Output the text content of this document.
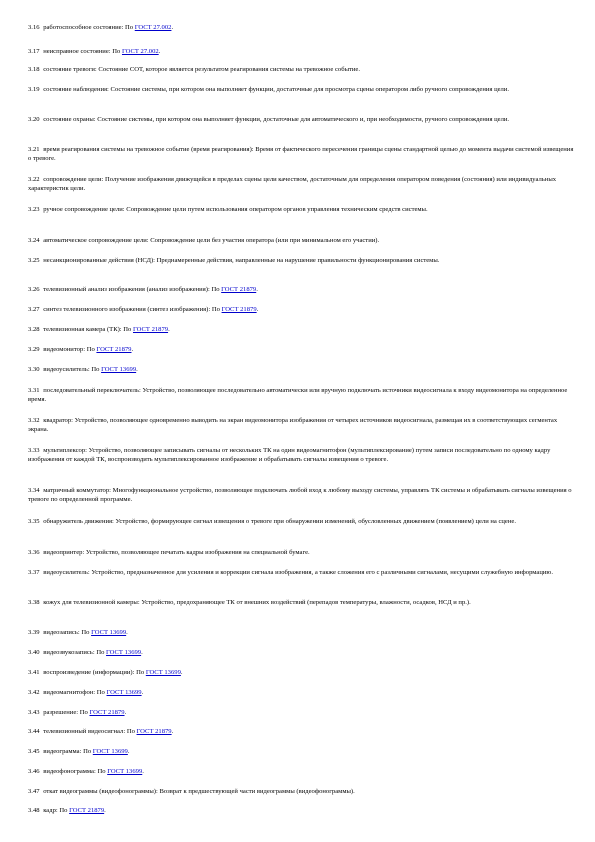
3.16 работоспособное состояние: По ГОСТ 27.002.

3.17 неисправное состояние: По ГОСТ 27.002.

3.18 состояние тревоги: Состояние СОТ, которое является результатом реагирования системы на тревожное событие.

3.19 состояние наблюдения: Состояние системы, при котором она выполняет функции, достаточные для просмотра сцены оператором либо ручного сопровождения цели.

3.20 состояние охраны: Состояние системы, при котором она выполняет функции, достаточные для автоматического и, при необходимости, ручного сопровождения цели.

3.21 время реагирования системы на тревожное событие (время реагирования): Время от фактического пересечения границы сцены стандартной целью до момента выдачи системой извещения о тревоге.

3.22 сопровождение цели: Получение изображения движущейся в пределах сцены цели качеством, достаточным для определения оператором поведения (состояния) или индивидуальных характеристик цели.

3.23 ручное сопровождение цели: Сопровождение цели путем использования оператором органов управления техническим средств системы.

3.24 автоматическое сопровождение цели: Сопровождение цели без участия оператора (или при минимальном его участии).

3.25 несанкционированные действия (НСД): Преднамеренные действия, направленные на нарушение правильности функционирования системы.

3.26 телевизионный анализ изображения (анализ изображения): По ГОСТ 21879.

3.27 синтез телевизионного изображения (синтез изображения): По ГОСТ 21879.

3.28 телевизионная камера (ТК): По ГОСТ 21879.

3.29 видеомонитор: По ГОСТ 21879.

3.30 видеоусилитель: По ГОСТ 13699.

3.31 последовательный переключатель: Устройство, позволяющее последовательно автоматически или вручную подключать источники видеосигнала к входу видеомонитора на определенное время.

3.32 квадратор: Устройство, позволяющее одновременно выводить на экран видеомонитора изображения от четырех источников видеосигнала, размещая их в соответствующих сегментах экрана.

3.33 мультиплексор: Устройство, позволяющее записывать сигналы от нескольких ТК на один видеомагнитофон (мультиплексирование) путем записи последовательно по одному кадру изображения от каждой ТК, воспроизводить мультиплексированное изображение и обрабатывать сигналы извещения о тревоге.

3.34 матричный коммутатор: Многофункциональное устройство, позволяющее подключать любой вход к любому выходу системы, управлять ТК системы и обрабатывать сигналы извещения о тревоге по определенной программе.

3.35 обнаружитель движения: Устройство, формирующее сигнал извещения о тревоге при обнаружении изменений, обусловленных движением (появлением) цели на сцене.

3.36 видеопринтер: Устройство, позволяющее печатать кадры изображения на специальной бумаге.

3.37 видеоусилитель: Устройство, предназначенное для усиления и коррекции сигнала изображения, а также сложения его с различными сигналами, несущими служебную информацию.

3.38 кожух для телевизионной камеры: Устройство, предохраняющее ТК от внешних воздействий (перепадов температуры, влажности, осадков, НСД и пр.).

3.39 видеозапись: По ГОСТ 13699.

3.40 видеозвукозапись: По ГОСТ 13699.

3.41 воспроизведение (информации): По ГОСТ 13699.

3.42 видеомагнитофон: По ГОСТ 13699.

3.43 разрешение: По ГОСТ 21879.

3.44 телевизионный видеосигнал: По ГОСТ 21879.

3.45 видеограмма: По ГОСТ 13699.

3.46 видеофонограмма: По ГОСТ 13699.

3.47 откат видеограммы (видеофонограммы): Возврат к предшествующей части видеограммы (видеофонограммы).

3.48 кадр: По ГОСТ 21879.
